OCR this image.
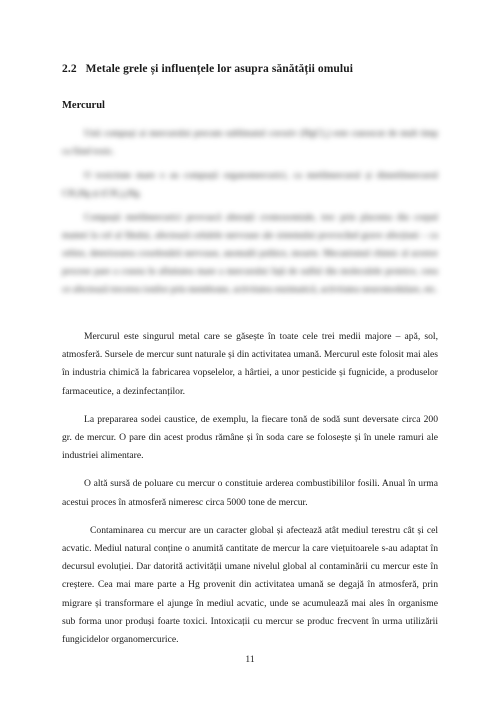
2.2 Metale grele și influențele lor asupra sănătății omului
Mercurul

Unii compuși ai mercurului precum sublimatul coroziv (HgCl₂) este cunoscut de mult timp ca fiind toxic.

O toxicitate mare o au compușii organomercurici, ca metilmercurul și dimetilmercurul CH₃Hg și (CH₃)₂Hg.

Compușii metilmercurici provoacă alterații cromozomiale, trec prin placenta din corpul mamei la cel al fătului, afectează celulele nervoase ale sistemului provocând grave afecțiuni – ca orbire, deteriorarea coordonării nervoase, anomalii psihice, moarte. Mecanismul chimic al acestor procese pare a consta în afinitatea mare a mercurului față de sulful din moleculele proteice, ceea ce afectează trecerea ionilor prin membrane, activitatea enzimatică, activitatea neuromodulare, etc.

Mercurul este singurul metal care se găsește în toate cele trei medii majore – apă, sol, atmosferă. Sursele de mercur sunt naturale și din activitatea umană. Mercurul este folosit mai ales în industria chimică la fabricarea vopselelor, a hârtiei, a unor pesticide și fugnicide, a produselor farmaceutice, a dezinfectanților.

La prepararea sodei caustice, de exemplu, la fiecare tonă de sodă sunt deversate circa 200 gr. de mercur. O pare din acest produs rămâne și în soda care se folosește și în unele ramuri ale industriei alimentare.

O altă sursă de poluare cu mercur o constituie arderea combustibililor fosili. Anual în urma acestui proces în atmosferă nimeresc circa 5000 tone de mercur.

Contaminarea cu mercur are un caracter global și afectează atât mediul terestru cât și cel acvatic. Mediul natural conține o anumită cantitate de mercur la care viețuitoarele s-au adaptat în decursul evoluției. Dar datorită activității umane nivelul global al contaminării cu mercur este în creștere. Cea mai mare parte a Hg provenit din activitatea umană se degajă în atmosferă, prin migrare și transformare el ajunge în mediul acvatic, unde se acumulează mai ales în organisme sub forma unor produși foarte toxici. Intoxicații cu mercur se produc frecvent în urma utilizării fungicidelor organomercurice.

11
